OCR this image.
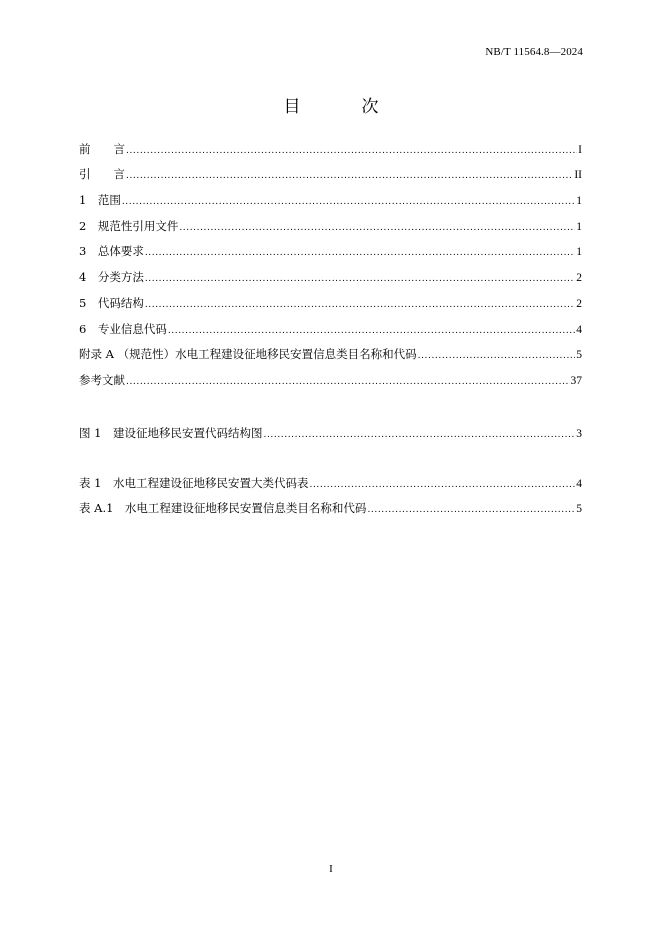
NB/T 11564.8—2024
目　次
前　　言 .....	I
引　　言 .....	II
1　范围 .....	1
2　规范性引用文件 .....	1
3　总体要求 .....	1
4　分类方法 .....	2
5　代码结构 .....	2
6　专业信息代码 .....	4
附录 A （规范性）水电工程建设征地移民安置信息类目名称和代码 .....	5
参考文献 .....	37
图 1　建设征地移民安置代码结构图 .....	3
表 1　水电工程建设征地移民安置大类代码表 .....	4
表 A.1　水电工程建设征地移民安置信息类目名称和代码 .....	5
I
